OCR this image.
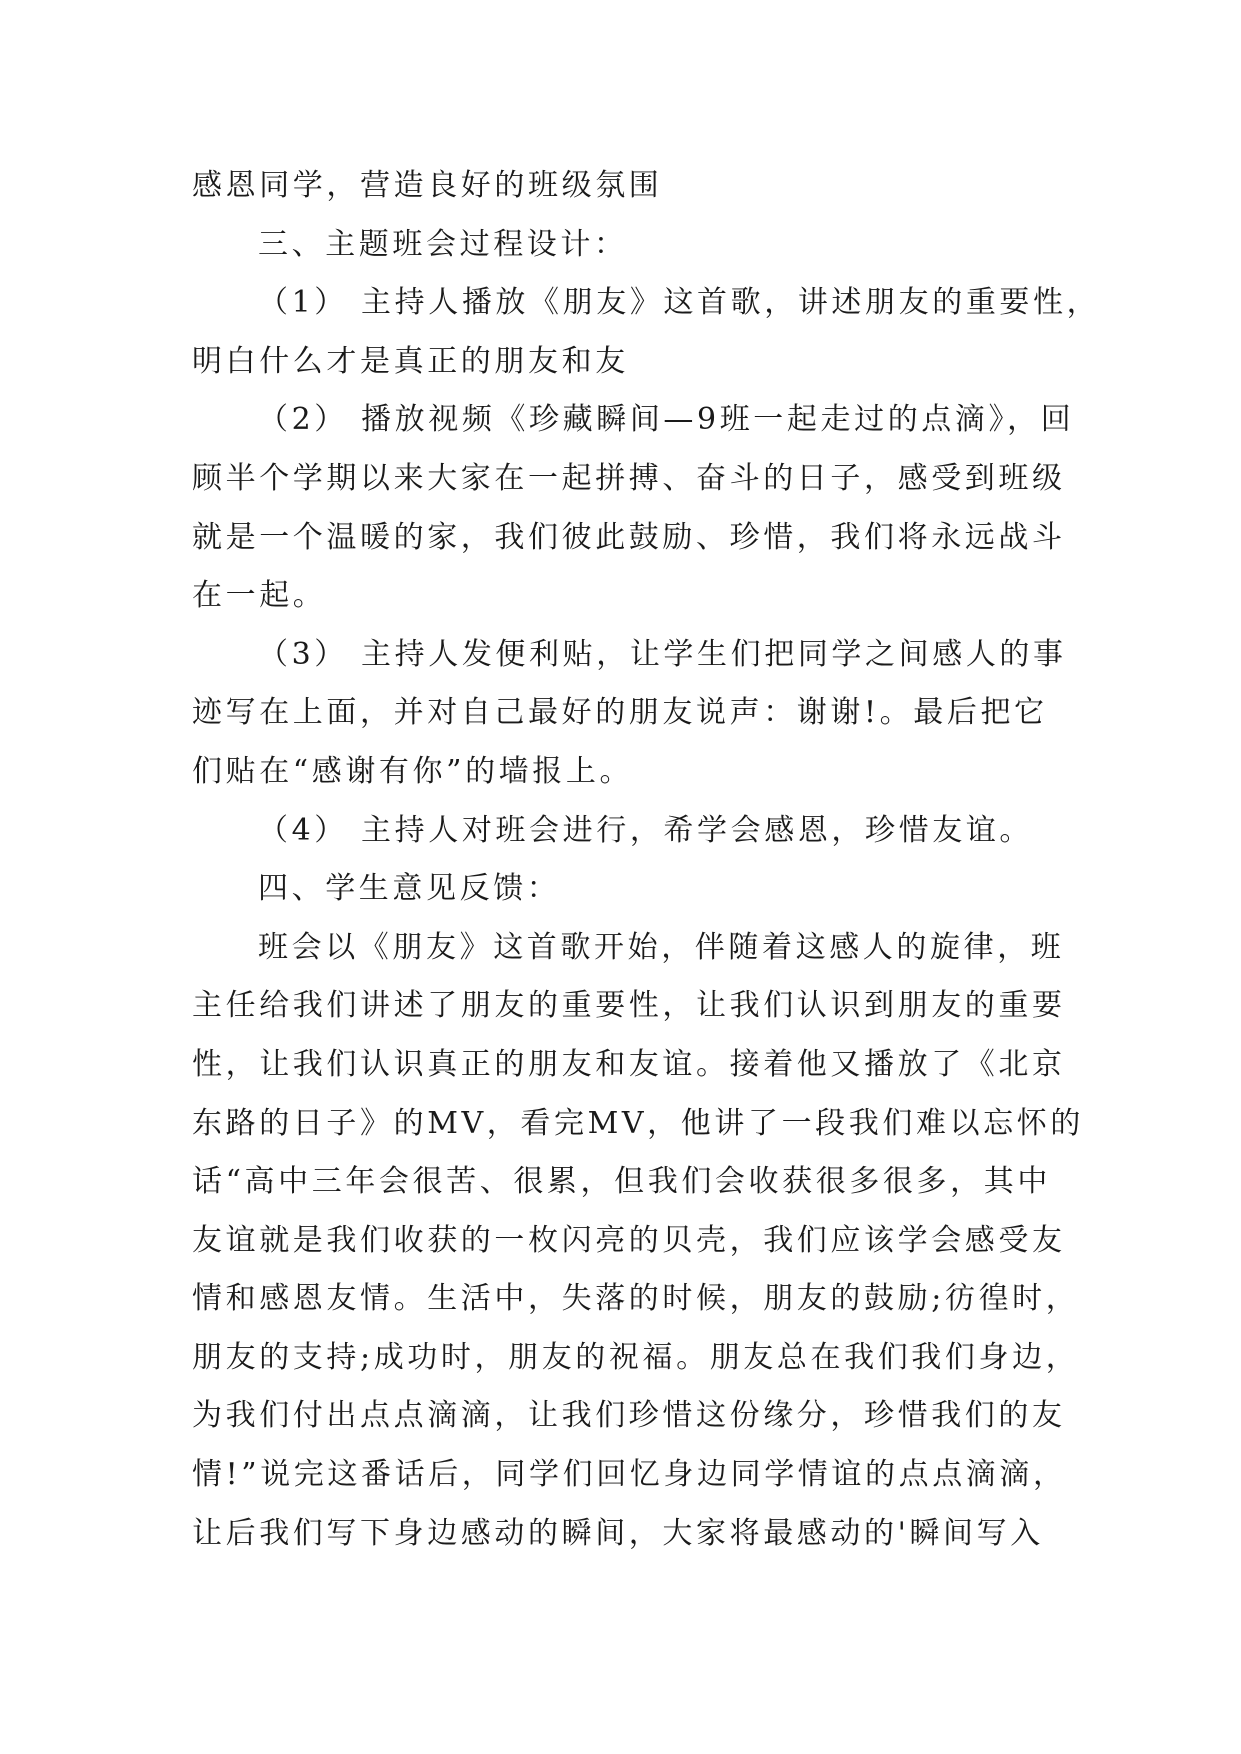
感恩同学，营造良好的班级氛围
三、主题班会过程设计：
（1） 主持人播放《朋友》这首歌，讲述朋友的重要性，
明白什么才是真正的朋友和友
（2） 播放视频《珍藏瞬间—9班一起走过的点滴》，回
顾半个学期以来大家在一起拼搏、奋斗的日子，感受到班级
就是一个温暖的家，我们彼此鼓励、珍惜，我们将永远战斗
在一起。
（3） 主持人发便利贴，让学生们把同学之间感人的事
迹写在上面，并对自己最好的朋友说声：谢谢!。最后把它
们贴在“感谢有你”的墙报上。
（4） 主持人对班会进行，希学会感恩，珍惜友谊。
四、学生意见反馈：
班会以《朋友》这首歌开始，伴随着这感人的旋律，班
主任给我们讲述了朋友的重要性，让我们认识到朋友的重要
性，让我们认识真正的朋友和友谊。接着他又播放了《北京
东路的日子》的MV，看完MV，他讲了一段我们难以忘怀的
话“高中三年会很苦、很累，但我们会收获很多很多，其中
友谊就是我们收获的一枚闪亮的贝壳，我们应该学会感受友
情和感恩友情。生活中，失落的时候，朋友的鼓励;彷徨时，
朋友的支持;成功时，朋友的祝福。朋友总在我们我们身边，
为我们付出点点滴滴，让我们珍惜这份缘分，珍惜我们的友
情!”说完这番话后，同学们回忆身边同学情谊的点点滴滴，
让后我们写下身边感动的瞬间，大家将最感动的'瞬间写入
